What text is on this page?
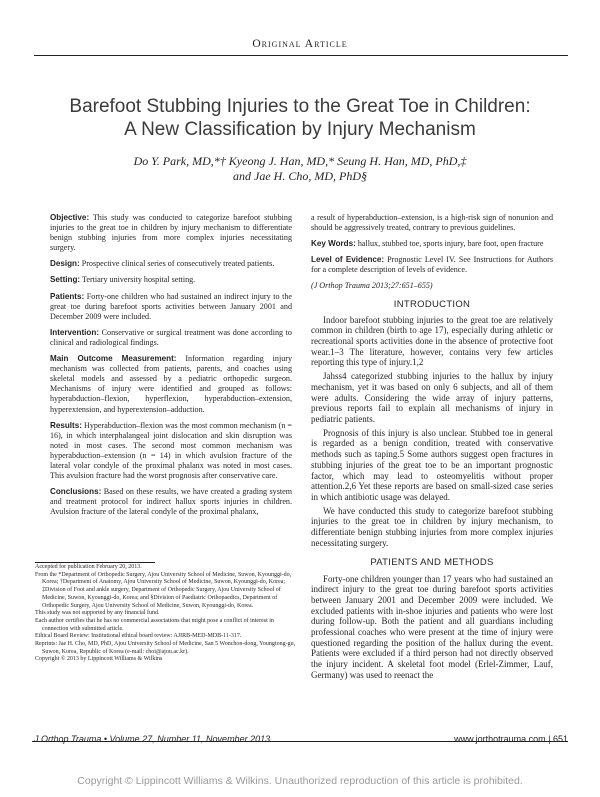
Original Article
Barefoot Stubbing Injuries to the Great Toe in Children:
A New Classification by Injury Mechanism
Do Y. Park, MD,*† Kyeong J. Han, MD,* Seung H. Han, MD, PhD,‡
and Jae H. Cho, MD, PhD§

Objective: This study was conducted to categorize barefoot stubbing injuries to the great toe in children by injury mechanism to differentiate benign stubbing injuries from more complex injuries necessitating surgery.

Design: Prospective clinical series of consecutively treated patients.

Setting: Tertiary university hospital setting.

Patients: Forty-one children who had sustained an indirect injury to the great toe during barefoot sports activities between January 2001 and December 2009 were included.

Intervention: Conservative or surgical treatment was done according to clinical and radiological findings.

Main Outcome Measurement: Information regarding injury mechanism was collected from patients, parents, and coaches using skeletal models and assessed by a pediatric orthopedic surgeon. Mechanisms of injury were identified and grouped as follows: hyperabduction–flexion, hyperflexion, hyperabduction–extension, hyperextension, and hyperextension–adduction.

Results: Hyperabduction–flexion was the most common mechanism (n = 16), in which interphalangeal joint dislocation and skin disruption was noted in most cases. The second most common mechanism was hyperabduction–extension (n = 14) in which avulsion fracture of the lateral volar condyle of the proximal phalanx was noted in most cases. This avulsion fracture had the worst prognosis after conservative care.

Conclusions: Based on these results, we have created a grading system and treatment protocol for indirect hallux sports injuries in children. Avulsion fracture of the lateral condyle of the proximal phalanx,

a result of hyperabduction–extension, is a high-risk sign of nonunion and should be aggressively treated, contrary to previous guidelines.

Key Words: hallux, stubbed toe, sports injury, bare foot, open fracture

Level of Evidence: Prognostic Level IV. See Instructions for Authors for a complete description of levels of evidence.

(J Orthop Trauma 2013;27:651–655)

INTRODUCTION

Indoor barefoot stubbing injuries to the great toe are relatively common in children (birth to age 17), especially during athletic or recreational sports activities done in the absence of protective foot wear.1–3 The literature, however, contains very few articles reporting this type of injury.1,2

Jahss4 categorized stubbing injuries to the hallux by injury mechanism, yet it was based on only 6 subjects, and all of them were adults. Considering the wide array of injury patterns, previous reports fail to explain all mechanisms of injury in pediatric patients.

Prognosis of this injury is also unclear. Stubbed toe in general is regarded as a benign condition, treated with conservative methods such as taping.5 Some authors suggest open fractures in stubbing injuries of the great toe to be an important prognostic factor, which may lead to osteomyelitis without proper attention.2,6 Yet these reports are based on small-sized case series in which antibiotic usage was delayed.

We have conducted this study to categorize barefoot stubbing injuries to the great toe in children by injury mechanism, to differentiate benign stubbing injuries from more complex injuries necessitating surgery.

PATIENTS AND METHODS

Forty-one children younger than 17 years who had sustained an indirect injury to the great toe during barefoot sports activities between January 2001 and December 2009 were included. We excluded patients with in-shoe injuries and patients who were lost during follow-up. Both the patient and all guardians including professional coaches who were present at the time of injury were questioned regarding the position of the hallux during the event. Patients were excluded if a third person had not directly observed the injury incident. A skeletal foot model (Erlel-Zimmer, Lauf, Germany) was used to reenact the

Accepted for publication February 20, 2013.
From the *Department of Orthopedic Surgery, Ajou University School of Medicine, Suwon, Kyounggi-do, Korea; †Department of Anatomy, Ajou University School of Medicine, Suwon, Kyounggi-do, Korea; ‡Division of Foot and ankle surgery, Department of Orthopedic Surgery, Ajou University School of Medicine, Suwon, Kyounggi-do, Korea; and §Division of Paediatric Orthopaedics, Department of Orthopedic Surgery, Ajou University School of Medicine, Suwon, Kyounggi-do, Korea.
This study was not supported by any financial fund.
Each author certifies that he has no commercial associations that might pose a conflict of interest in connection with submitted article.
Ethical Board Review: Institutional ethical board review: AJIRB-MED-MDB-11-317.
Reprints: Jae H. Cho, MD, PhD, Ajou University School of Medicine, San 5 Wonchon-dong, Youngtong-gu, Suwon, Korea, Republic of Korea (e-mail: choi@ajou.ac.kr).
Copyright © 2013 by Lippincott Williams & Wilkins
J Orthop Trauma • Volume 27, Number 11, November 2013	www.jorthotrauma.com | 651
Copyright © Lippincott Williams & Wilkins. Unauthorized reproduction of this article is prohibited.
